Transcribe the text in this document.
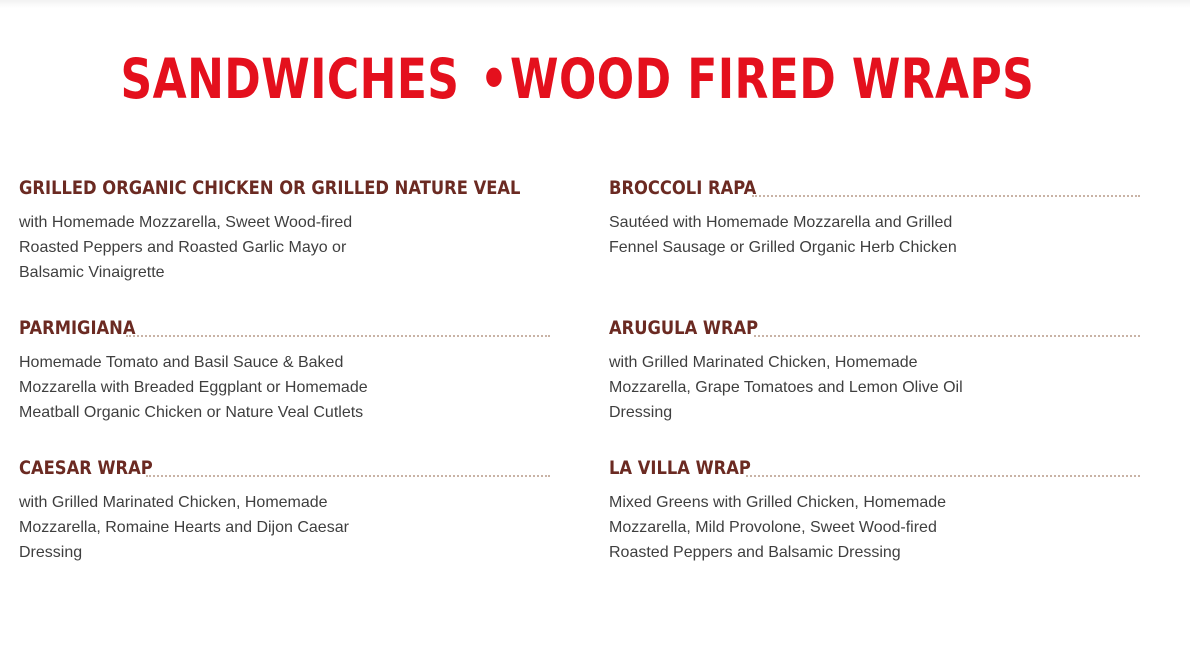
SANDWICHES •WOOD FIRED WRAPS
GRILLED ORGANIC CHICKEN OR GRILLED NATURE VEAL

with Homemade Mozzarella, Sweet Wood-fired Roasted Peppers and Roasted Garlic Mayo or Balsamic Vinaigrette

PARMIGIANA

Homemade Tomato and Basil Sauce & Baked Mozzarella with Breaded Eggplant or Homemade Meatball Organic Chicken or Nature Veal Cutlets

CAESAR WRAP

with Grilled Marinated Chicken, Homemade Mozzarella, Romaine Hearts and Dijon Caesar Dressing

BROCCOLI RAPA

Sautéed with Homemade Mozzarella and Grilled Fennel Sausage or Grilled Organic Herb Chicken

ARUGULA WRAP

with Grilled Marinated Chicken, Homemade Mozzarella, Grape Tomatoes and Lemon Olive Oil Dressing

LA VILLA WRAP

Mixed Greens with Grilled Chicken, Homemade Mozzarella, Mild Provolone, Sweet Wood-fired Roasted Peppers and Balsamic Dressing
